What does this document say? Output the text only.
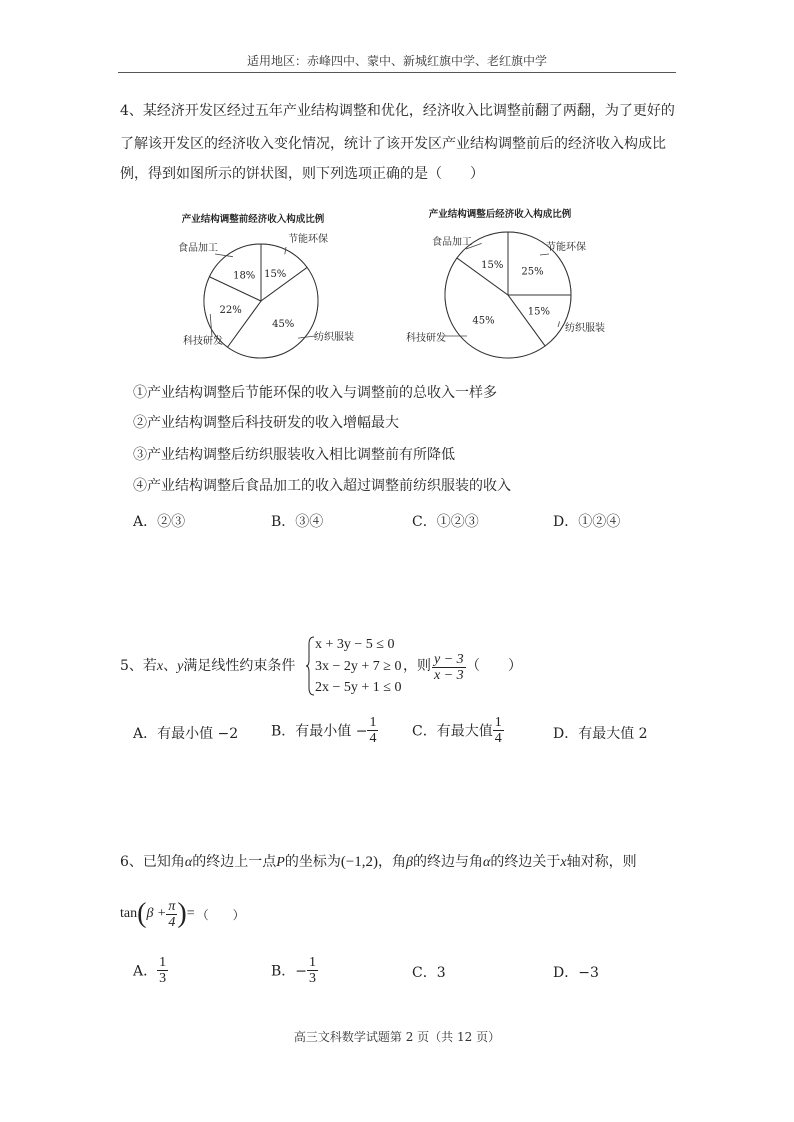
适用地区：赤峰四中、蒙中、新城红旗中学、老红旗中学
4、某经济开发区经过五年产业结构调整和优化，经济收入比调整前翻了两翻，为了更好的
了解该开发区的经济收入变化情况，统计了该开发区产业结构调整前后的经济收入构成比
例，得到如图所示的饼状图，则下列选项正确的是（　　）
产业结构调整前经济收入构成比例
15%
节能环保
45%
纺织服装
22%
科技研发
18%
食品加工
产业结构调整后经济收入构成比例
25%
节能环保
15%
纺织服装
45%
科技研发
15%
食品加工
①产业结构调整后节能环保的收入与调整前的总收入一样多
②产业结构调整后科技研发的收入增幅最大
③产业结构调整后纺织服装收入相比调整前有所降低
④产业结构调整后食品加工的收入超过调整前纺织服装的收入
A．②③	B．③④	C．①②③	D．①②④
5、若x、y满足线性约束条件
x + 3y − 5 ≤ 0
3x − 2y + 7 ≥ 0
2x − 5y + 1 ≤ 0
，则 $\frac{y - 3}{x - 3}$ （　　）
A．有最小值 −2 B．有最小值 − $\frac{1}{4}$ C．有最大值 $\frac{1}{4}$	D．有最大值 2
6、已知角α的终边上一点P的坐标为(−1,2)，角β的终边与角α的终边关于x轴对称，则
$\tan(\beta + \frac{\pi}{4}$ )= （　　）
A． $\frac{1}{3}$	B．− $\frac{1}{3}$	C．3	D．−3
高三文科数学试题第 2 页（共 12 页）
